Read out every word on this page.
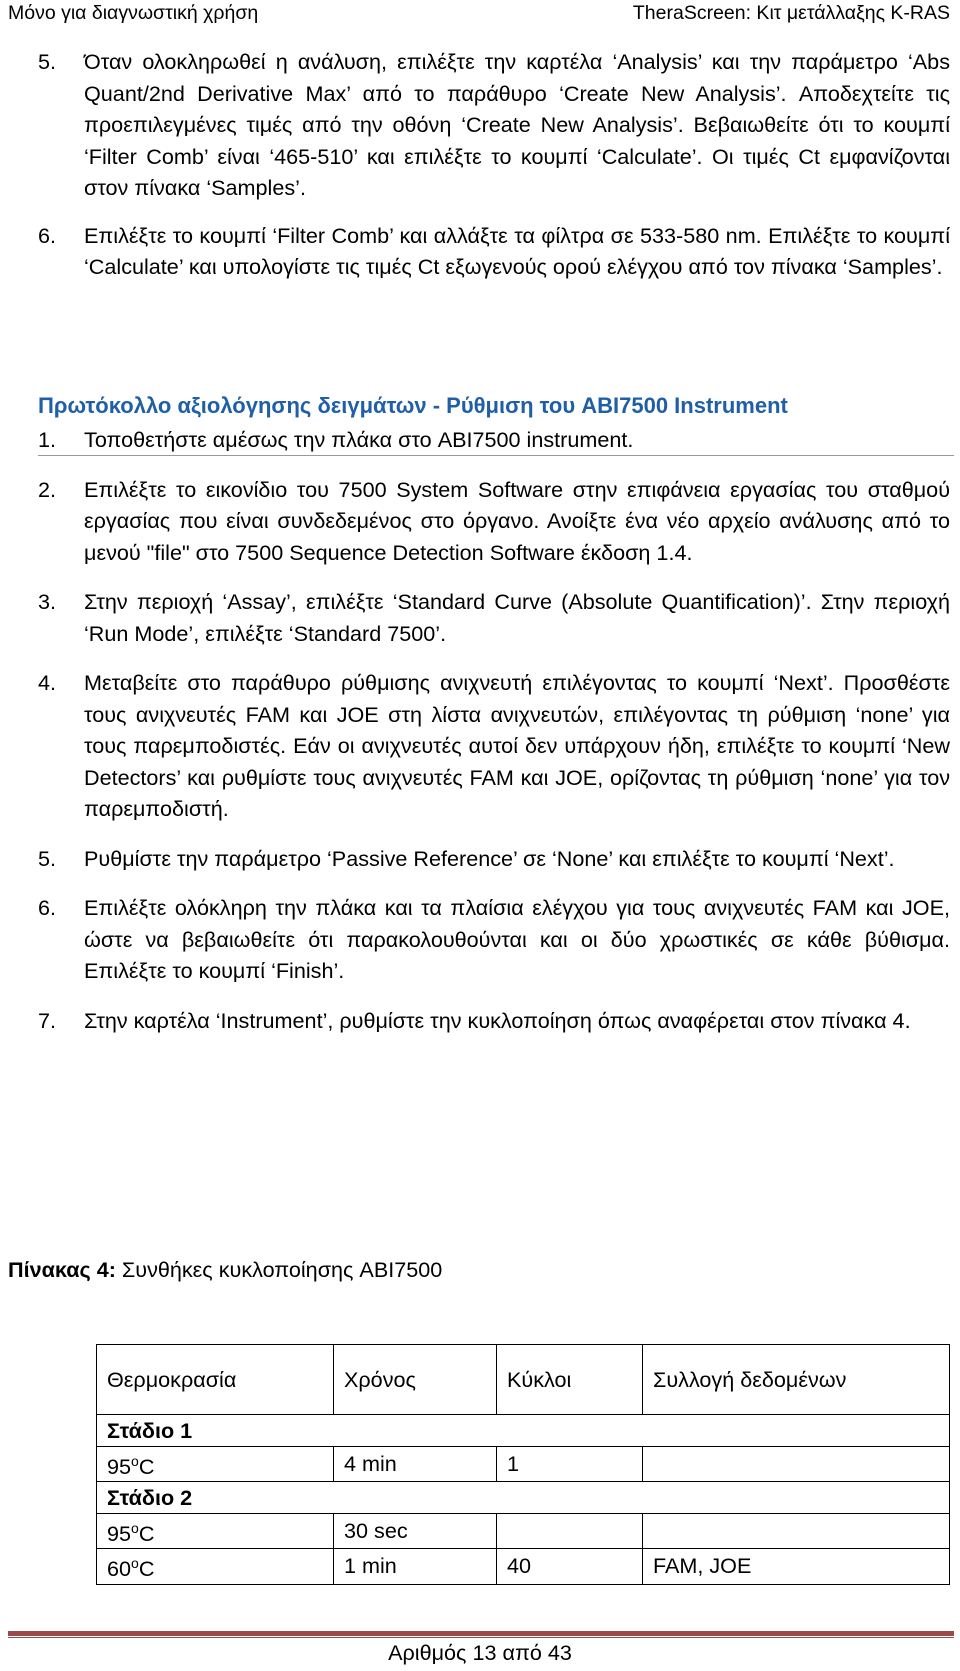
Μόνο για διαγνωστική χρήση	TheraScreen: Κιτ μετάλλαξης K-RAS
5. Όταν ολοκληρωθεί η ανάλυση, επιλέξτε την καρτέλα ‘Analysis’ και την παράμετρο ‘Abs Quant/2nd Derivative Max’ από το παράθυρο ‘Create New Analysis’. Αποδεχτείτε τις προεπιλεγμένες τιμές από την οθόνη ‘Create New Analysis’. Βεβαιωθείτε ότι το κουμπί ‘Filter Comb’ είναι ‘465-510’ και επιλέξτε το κουμπί ‘Calculate’. Οι τιμές Ct εμφανίζονται στον πίνακα ‘Samples’.
6. Επιλέξτε το κουμπί ‘Filter Comb’ και αλλάξτε τα φίλτρα σε 533-580 nm. Επιλέξτε το κουμπί ‘Calculate’ και υπολογίστε τις τιμές Ct εξωγενούς ορού ελέγχου από τον πίνακα ‘Samples’.
Πρωτόκολλο αξιολόγησης δειγμάτων - Ρύθμιση του ABI7500 Instrument
1. Τοποθετήστε αμέσως την πλάκα στο ABI7500 instrument.
2. Επιλέξτε το εικονίδιο του 7500 System Software στην επιφάνεια εργασίας του σταθμού εργασίας που είναι συνδεδεμένος στο όργανο. Ανοίξτε ένα νέο αρχείο ανάλυσης από το μενού "file" στο 7500 Sequence Detection Software έκδοση 1.4.
3. Στην περιοχή ‘Assay’, επιλέξτε ‘Standard Curve (Absolute Quantification)’. Στην περιοχή ‘Run Mode’, επιλέξτε ‘Standard 7500’.
4. Μεταβείτε στο παράθυρο ρύθμισης ανιχνευτή επιλέγοντας το κουμπί ‘Next’. Προσθέστε τους ανιχνευτές FAM και JOE στη λίστα ανιχνευτών, επιλέγοντας τη ρύθμιση ‘none’ για τους παρεμποδιστές. Εάν οι ανιχνευτές αυτοί δεν υπάρχουν ήδη, επιλέξτε το κουμπί ‘New Detectors’ και ρυθμίστε τους ανιχνευτές FAM και JOE, ορίζοντας τη ρύθμιση ‘none’ για τον παρεμποδιστή.
5. Ρυθμίστε την παράμετρο ‘Passive Reference’ σε ‘None’ και επιλέξτε το κουμπί ‘Next’.
6. Επιλέξτε ολόκληρη την πλάκα και τα πλαίσια ελέγχου για τους ανιχνευτές FAM και JOE, ώστε να βεβαιωθείτε ότι παρακολουθούνται και οι δύο χρωστικές σε κάθε βύθισμα. Επιλέξτε το κουμπί ‘Finish’.
7. Στην καρτέλα ‘Instrument’, ρυθμίστε την κυκλοποίηση όπως αναφέρεται στον πίνακα 4.
Πίνακας 4: Συνθήκες κυκλοποίησης ABI7500
Θερμοκρασία	Χρόνος	Κύκλοι	Συλλογή δεδομένων
Στάδιο 1			
95$^o$C	4 min	1	
Στάδιο 2			
95$^o$C	30 sec		
60$^o$C	1 min	40	FAM, JOE
Αριθμός 13 από 43
